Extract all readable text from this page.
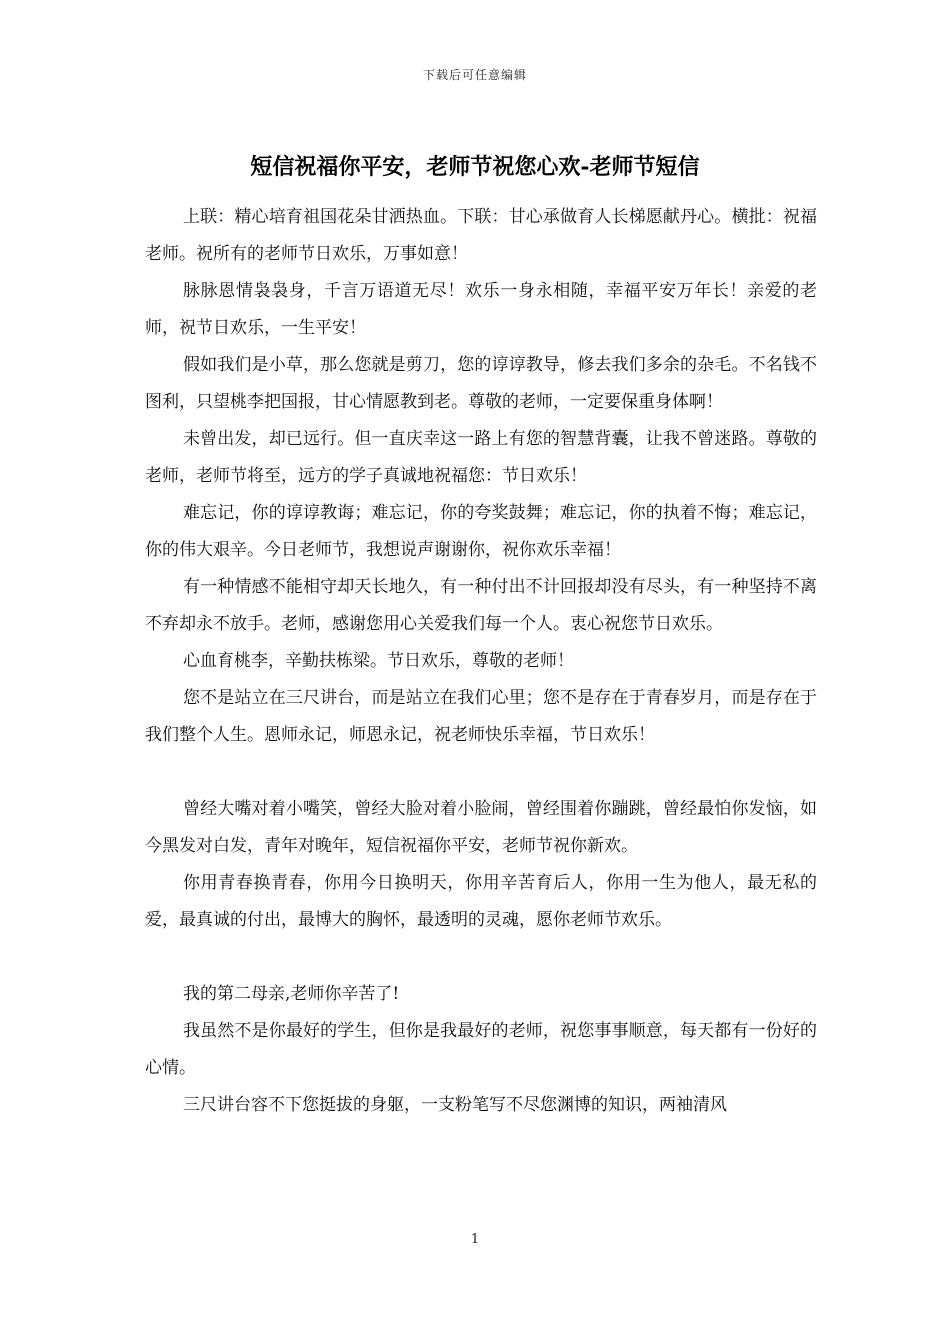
下载后可任意编辑
短信祝福你平安，老师节祝您心欢-老师节短信

上联：精心培育祖国花朵甘洒热血。下联：甘心承做育人长梯愿献丹心。横批：祝福老师。祝所有的老师节日欢乐，万事如意！

脉脉恩情袅袅身，千言万语道无尽！欢乐一身永相随，幸福平安万年长！亲爱的老师，祝节日欢乐，一生平安！

假如我们是小草，那么您就是剪刀，您的谆谆教导，修去我们多余的杂毛。不名钱不图利，只望桃李把国报，甘心情愿教到老。尊敬的老师，一定要保重身体啊！

未曾出发，却已远行。但一直庆幸这一路上有您的智慧背囊，让我不曾迷路。尊敬的老师，老师节将至，远方的学子真诚地祝福您：节日欢乐！

难忘记，你的谆谆教诲；难忘记，你的夸奖鼓舞；难忘记，你的执着不悔；难忘记，你的伟大艰辛。今日老师节，我想说声谢谢你，祝你欢乐幸福！

有一种情感不能相守却天长地久，有一种付出不计回报却没有尽头，有一种坚持不离不弃却永不放手。老师，感谢您用心关爱我们每一个人。衷心祝您节日欢乐。

心血育桃李，辛勤扶栋梁。节日欢乐，尊敬的老师！

您不是站立在三尺讲台，而是站立在我们心里；您不是存在于青春岁月，而是存在于我们整个人生。恩师永记，师恩永记，祝老师快乐幸福，节日欢乐！

曾经大嘴对着小嘴笑，曾经大脸对着小脸闹，曾经围着你蹦跳，曾经最怕你发恼，如今黑发对白发，青年对晚年，短信祝福你平安，老师节祝你新欢。

你用青春换青春，你用今日换明天，你用辛苦育后人，你用一生为他人，最无私的爱，最真诚的付出，最博大的胸怀，最透明的灵魂，愿你老师节欢乐。

我的第二母亲,老师你辛苦了!

我虽然不是你最好的学生，但你是我最好的老师，祝您事事顺意，每天都有一份好的心情。

三尺讲台容不下您挺拔的身躯，一支粉笔写不尽您渊博的知识，两袖清风

1
